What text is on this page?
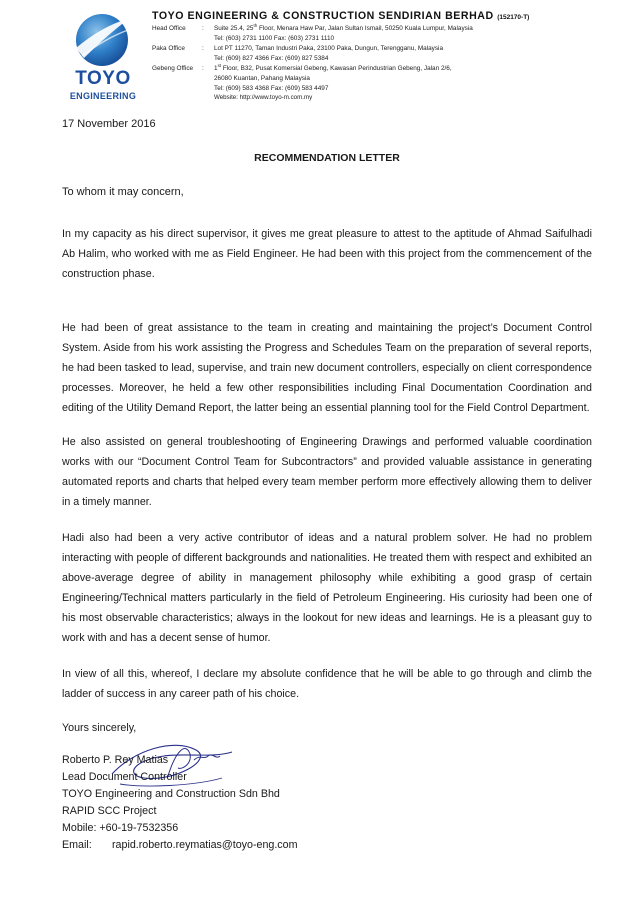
TOYO
ENGINEERING
TOYO ENGINEERING & CONSTRUCTION SENDIRIAN BERHAD (152170-T)
Head Office	:	Suite 25.4, 25th Floor, Menara Haw Par, Jalan Sultan Ismail, 50250 Kuala Lumpur, Malaysia
Tel: (603) 2731 1100 Fax: (603) 2731 1110
Paka Office	:	Lot PT 11270, Taman Industri Paka, 23100 Paka, Dungun, Terengganu, Malaysia
Tel: (609) 827 4366 Fax: (609) 827 5384
Gebeng Office	:	1st Floor, B32, Pusat Komersial Gebeng, Kawasan Perindustrian Gebeng, Jalan 2/6,
26080 Kuantan, Pahang Malaysia
Tel: (609) 583 4368 Fax: (609) 583 4497
Website: http://www.toyo-m.com.my
17 November 2016
RECOMMENDATION LETTER
To whom it may concern,

In my capacity as his direct supervisor, it gives me great pleasure to attest to the aptitude of Ahmad Saifulhadi Ab Halim, who worked with me as Field Engineer. He had been with this project from the commencement of the construction phase.

He had been of great assistance to the team in creating and maintaining the project’s Document Control System. Aside from his work assisting the Progress and Schedules Team on the preparation of several reports, he had been tasked to lead, supervise, and train new document controllers, especially on client correspondence processes. Moreover, he held a few other responsibilities including Final Documentation Coordination and editing of the Utility Demand Report, the latter being an essential planning tool for the Field Control Department.

He also assisted on general troubleshooting of Engineering Drawings and performed valuable coordination works with our “Document Control Team for Subcontractors” and provided valuable assistance in generating automated reports and charts that helped every team member perform more effectively allowing them to deliver in a timely manner.

Hadi also had been a very active contributor of ideas and a natural problem solver. He had no problem interacting with people of different backgrounds and nationalities. He treated them with respect and exhibited an above-average degree of ability in management philosophy while exhibiting a good grasp of certain Engineering/Technical matters particularly in the field of Petroleum Engineering. His curiosity had been one of his most observable characteristics; always in the lookout for new ideas and learnings. He is a pleasant guy to work with and has a decent sense of humor.

In view of all this, whereof, I declare my absolute confidence that he will be able to go through and climb the ladder of success in any career path of his choice.

Yours sincerely,
Roberto P. Rey Matias
Lead Document Controller
TOYO Engineering and Construction Sdn Bhd
RAPID SCC Project
Mobile: +60-19-7532356
Email: rapid.roberto.reymatias@toyo-eng.com
